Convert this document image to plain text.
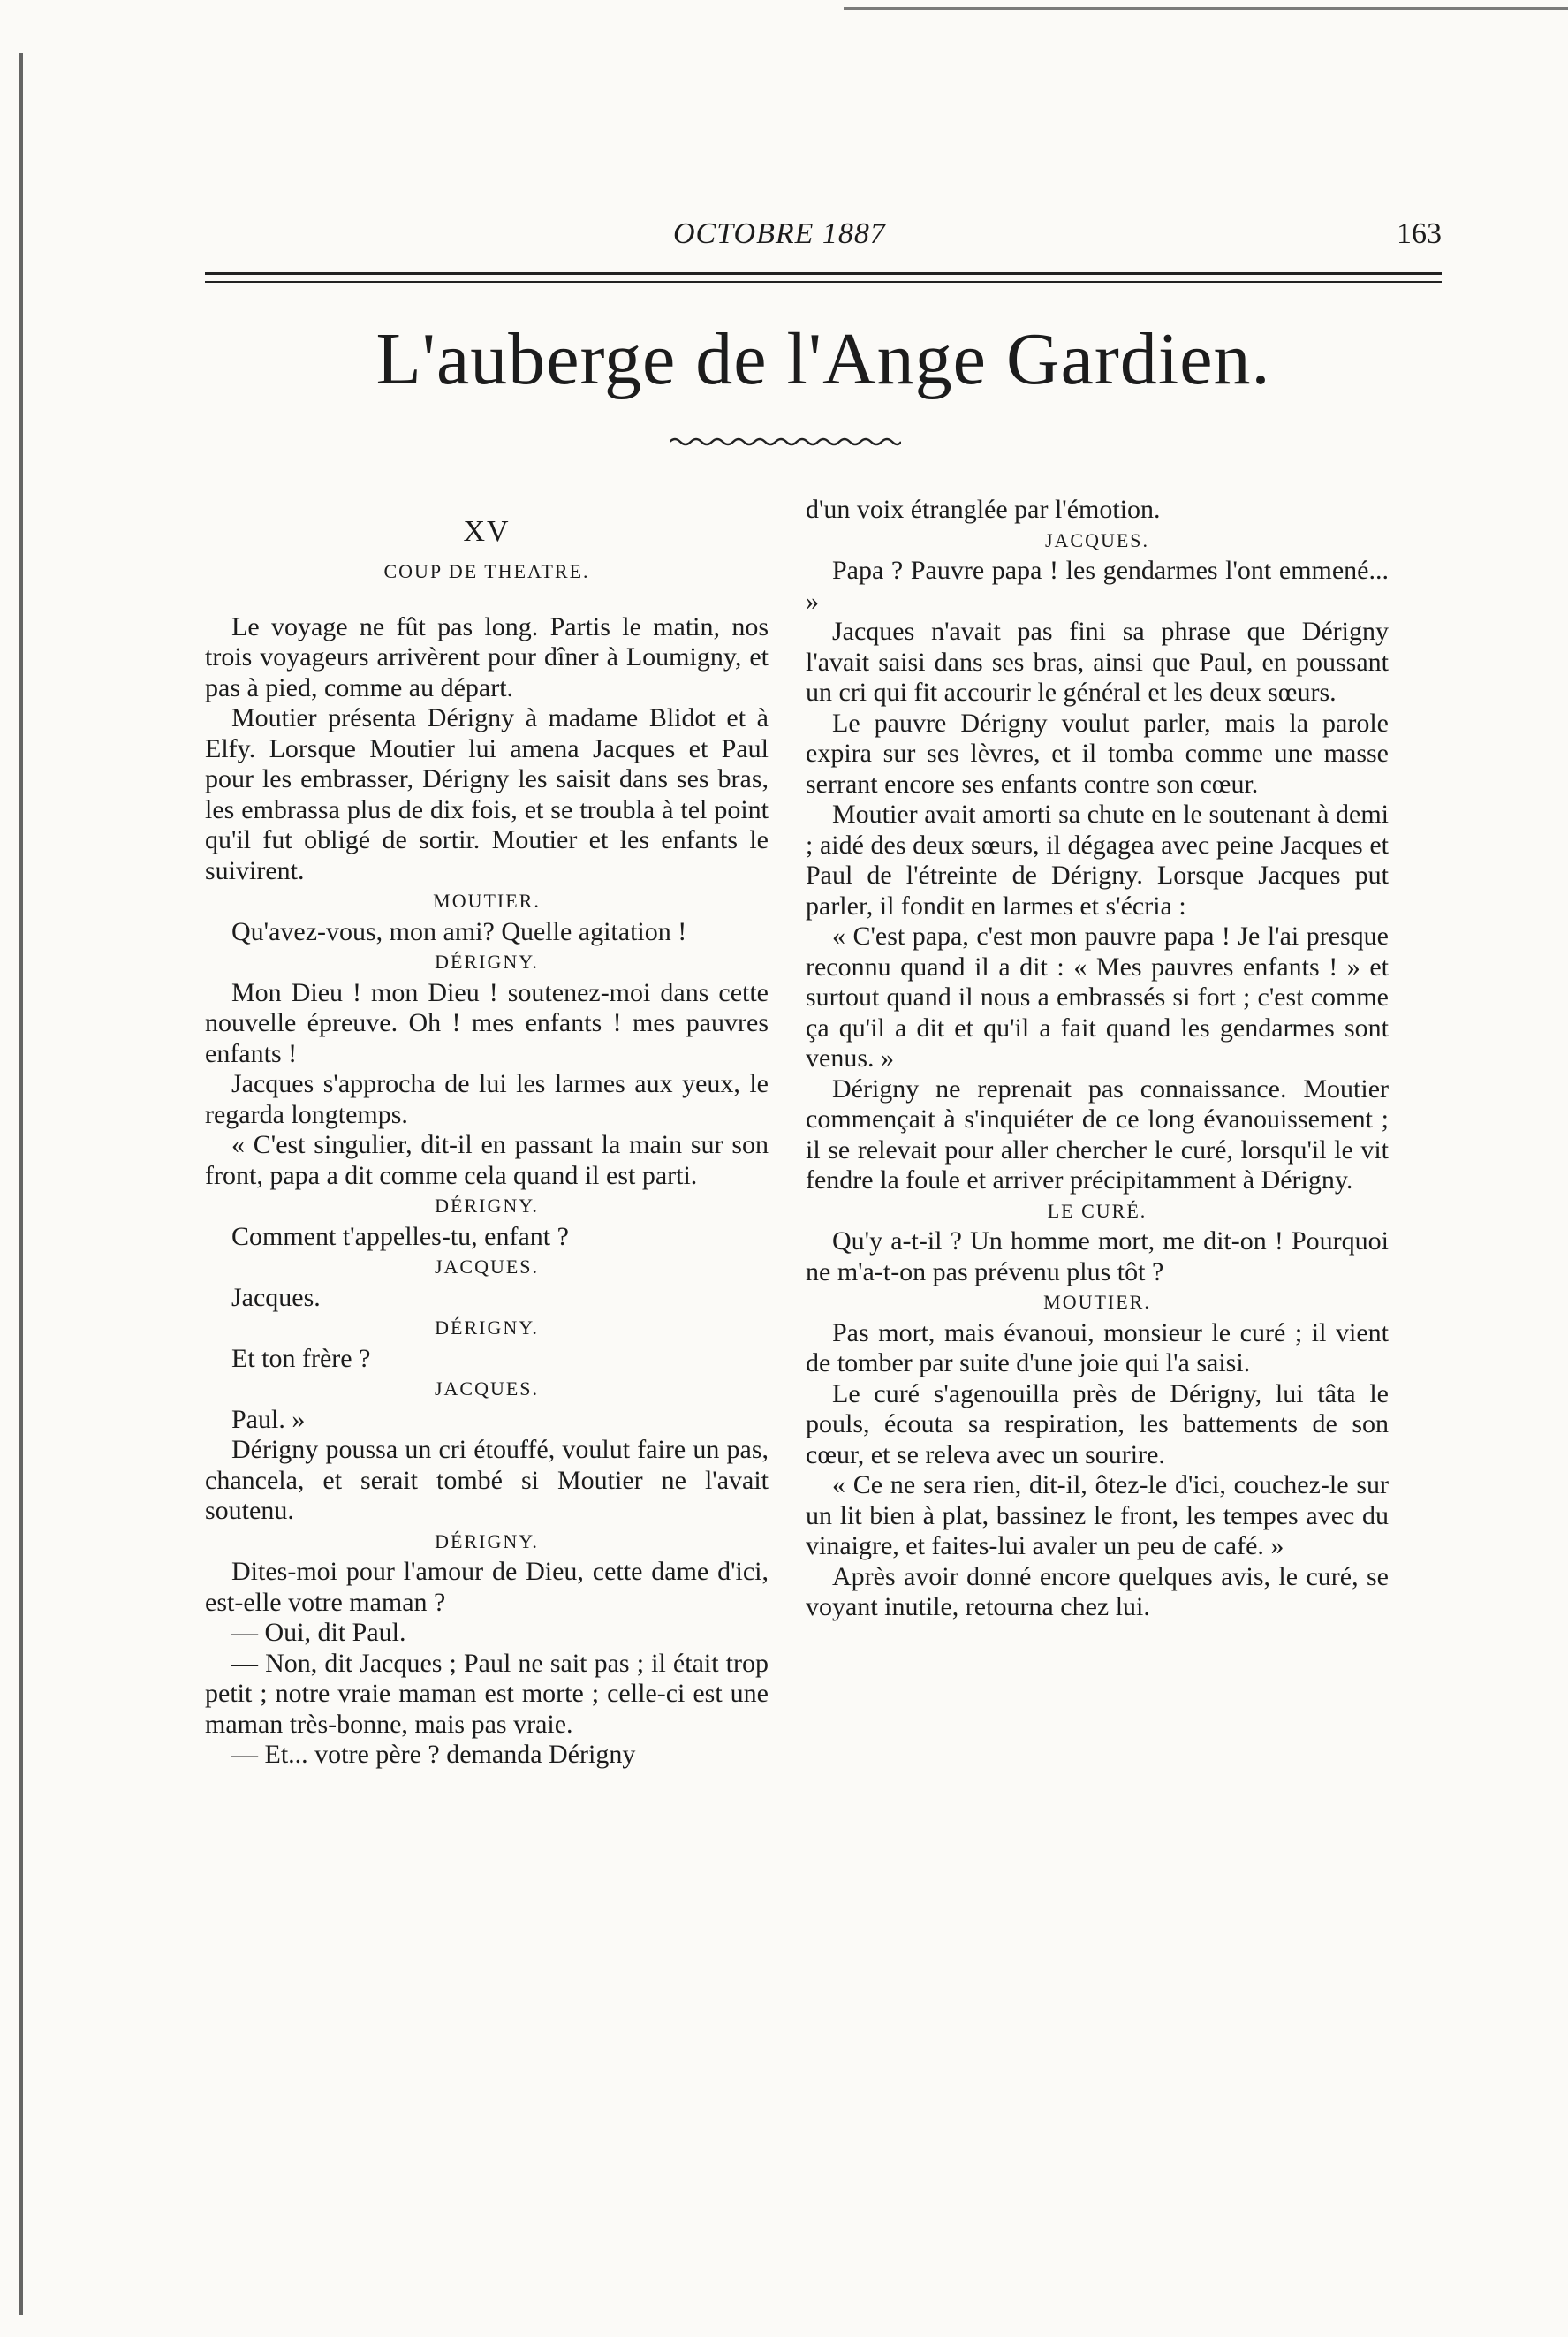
OCTOBRE 1887	163
L'auberge de l'Ange Gardien.
XV
COUP DE THEATRE.

Le voyage ne fût pas long. Partis le matin, nos trois voyageurs arrivèrent pour dîner à Loumigny, et pas à pied, comme au départ.

Moutier présenta Dérigny à madame Blidot et à Elfy. Lorsque Moutier lui amena Jacques et Paul pour les embrasser, Dérigny les saisit dans ses bras, les embrassa plus de dix fois, et se troubla à tel point qu'il fut obligé de sortir. Moutier et les enfants le suivirent.

MOUTIER.

Qu'avez-vous, mon ami? Quelle agitation !

DÉRIGNY.

Mon Dieu ! mon Dieu ! soutenez-moi dans cette nouvelle épreuve. Oh ! mes enfants ! mes pauvres enfants !

Jacques s'approcha de lui les larmes aux yeux, le regarda longtemps.

« C'est singulier, dit-il en passant la main sur son front, papa a dit comme cela quand il est parti.

DÉRIGNY.

Comment t'appelles-tu, enfant ?

JACQUES.

Jacques.

DÉRIGNY.

Et ton frère ?

JACQUES.

Paul. »

Dérigny poussa un cri étouffé, voulut faire un pas, chancela, et serait tombé si Moutier ne l'avait soutenu.

DÉRIGNY.

Dites-moi pour l'amour de Dieu, cette dame d'ici, est-elle votre maman ?

— Oui, dit Paul.

— Non, dit Jacques ; Paul ne sait pas ; il était trop petit ; notre vraie maman est morte ; celle-ci est une maman très-bonne, mais pas vraie.

— Et... votre père ? demanda Dérigny

d'un voix étranglée par l'émotion.

JACQUES.

Papa ? Pauvre papa ! les gendarmes l'ont emmené... »

Jacques n'avait pas fini sa phrase que Dérigny l'avait saisi dans ses bras, ainsi que Paul, en poussant un cri qui fit accourir le général et les deux sœurs.

Le pauvre Dérigny voulut parler, mais la parole expira sur ses lèvres, et il tomba comme une masse serrant encore ses enfants contre son cœur.

Moutier avait amorti sa chute en le soutenant à demi ; aidé des deux sœurs, il dégagea avec peine Jacques et Paul de l'étreinte de Dérigny. Lorsque Jacques put parler, il fondit en larmes et s'écria :

« C'est papa, c'est mon pauvre papa ! Je l'ai presque reconnu quand il a dit : « Mes pauvres enfants ! » et surtout quand il nous a embrassés si fort ; c'est comme ça qu'il a dit et qu'il a fait quand les gendarmes sont venus. »

Dérigny ne reprenait pas connaissance. Moutier commençait à s'inquiéter de ce long évanouissement ; il se relevait pour aller chercher le curé, lorsqu'il le vit fendre la foule et arriver précipitamment à Dérigny.

LE CURÉ.

Qu'y a-t-il ? Un homme mort, me dit-on ! Pourquoi ne m'a-t-on pas prévenu plus tôt ?

MOUTIER.

Pas mort, mais évanoui, monsieur le curé ; il vient de tomber par suite d'une joie qui l'a saisi.

Le curé s'agenouilla près de Dérigny, lui tâta le pouls, écouta sa respiration, les battements de son cœur, et se releva avec un sourire.

« Ce ne sera rien, dit-il, ôtez-le d'ici, couchez-le sur un lit bien à plat, bassinez le front, les tempes avec du vinaigre, et faites-lui avaler un peu de café. »

Après avoir donné encore quelques avis, le curé, se voyant inutile, retourna chez lui.
